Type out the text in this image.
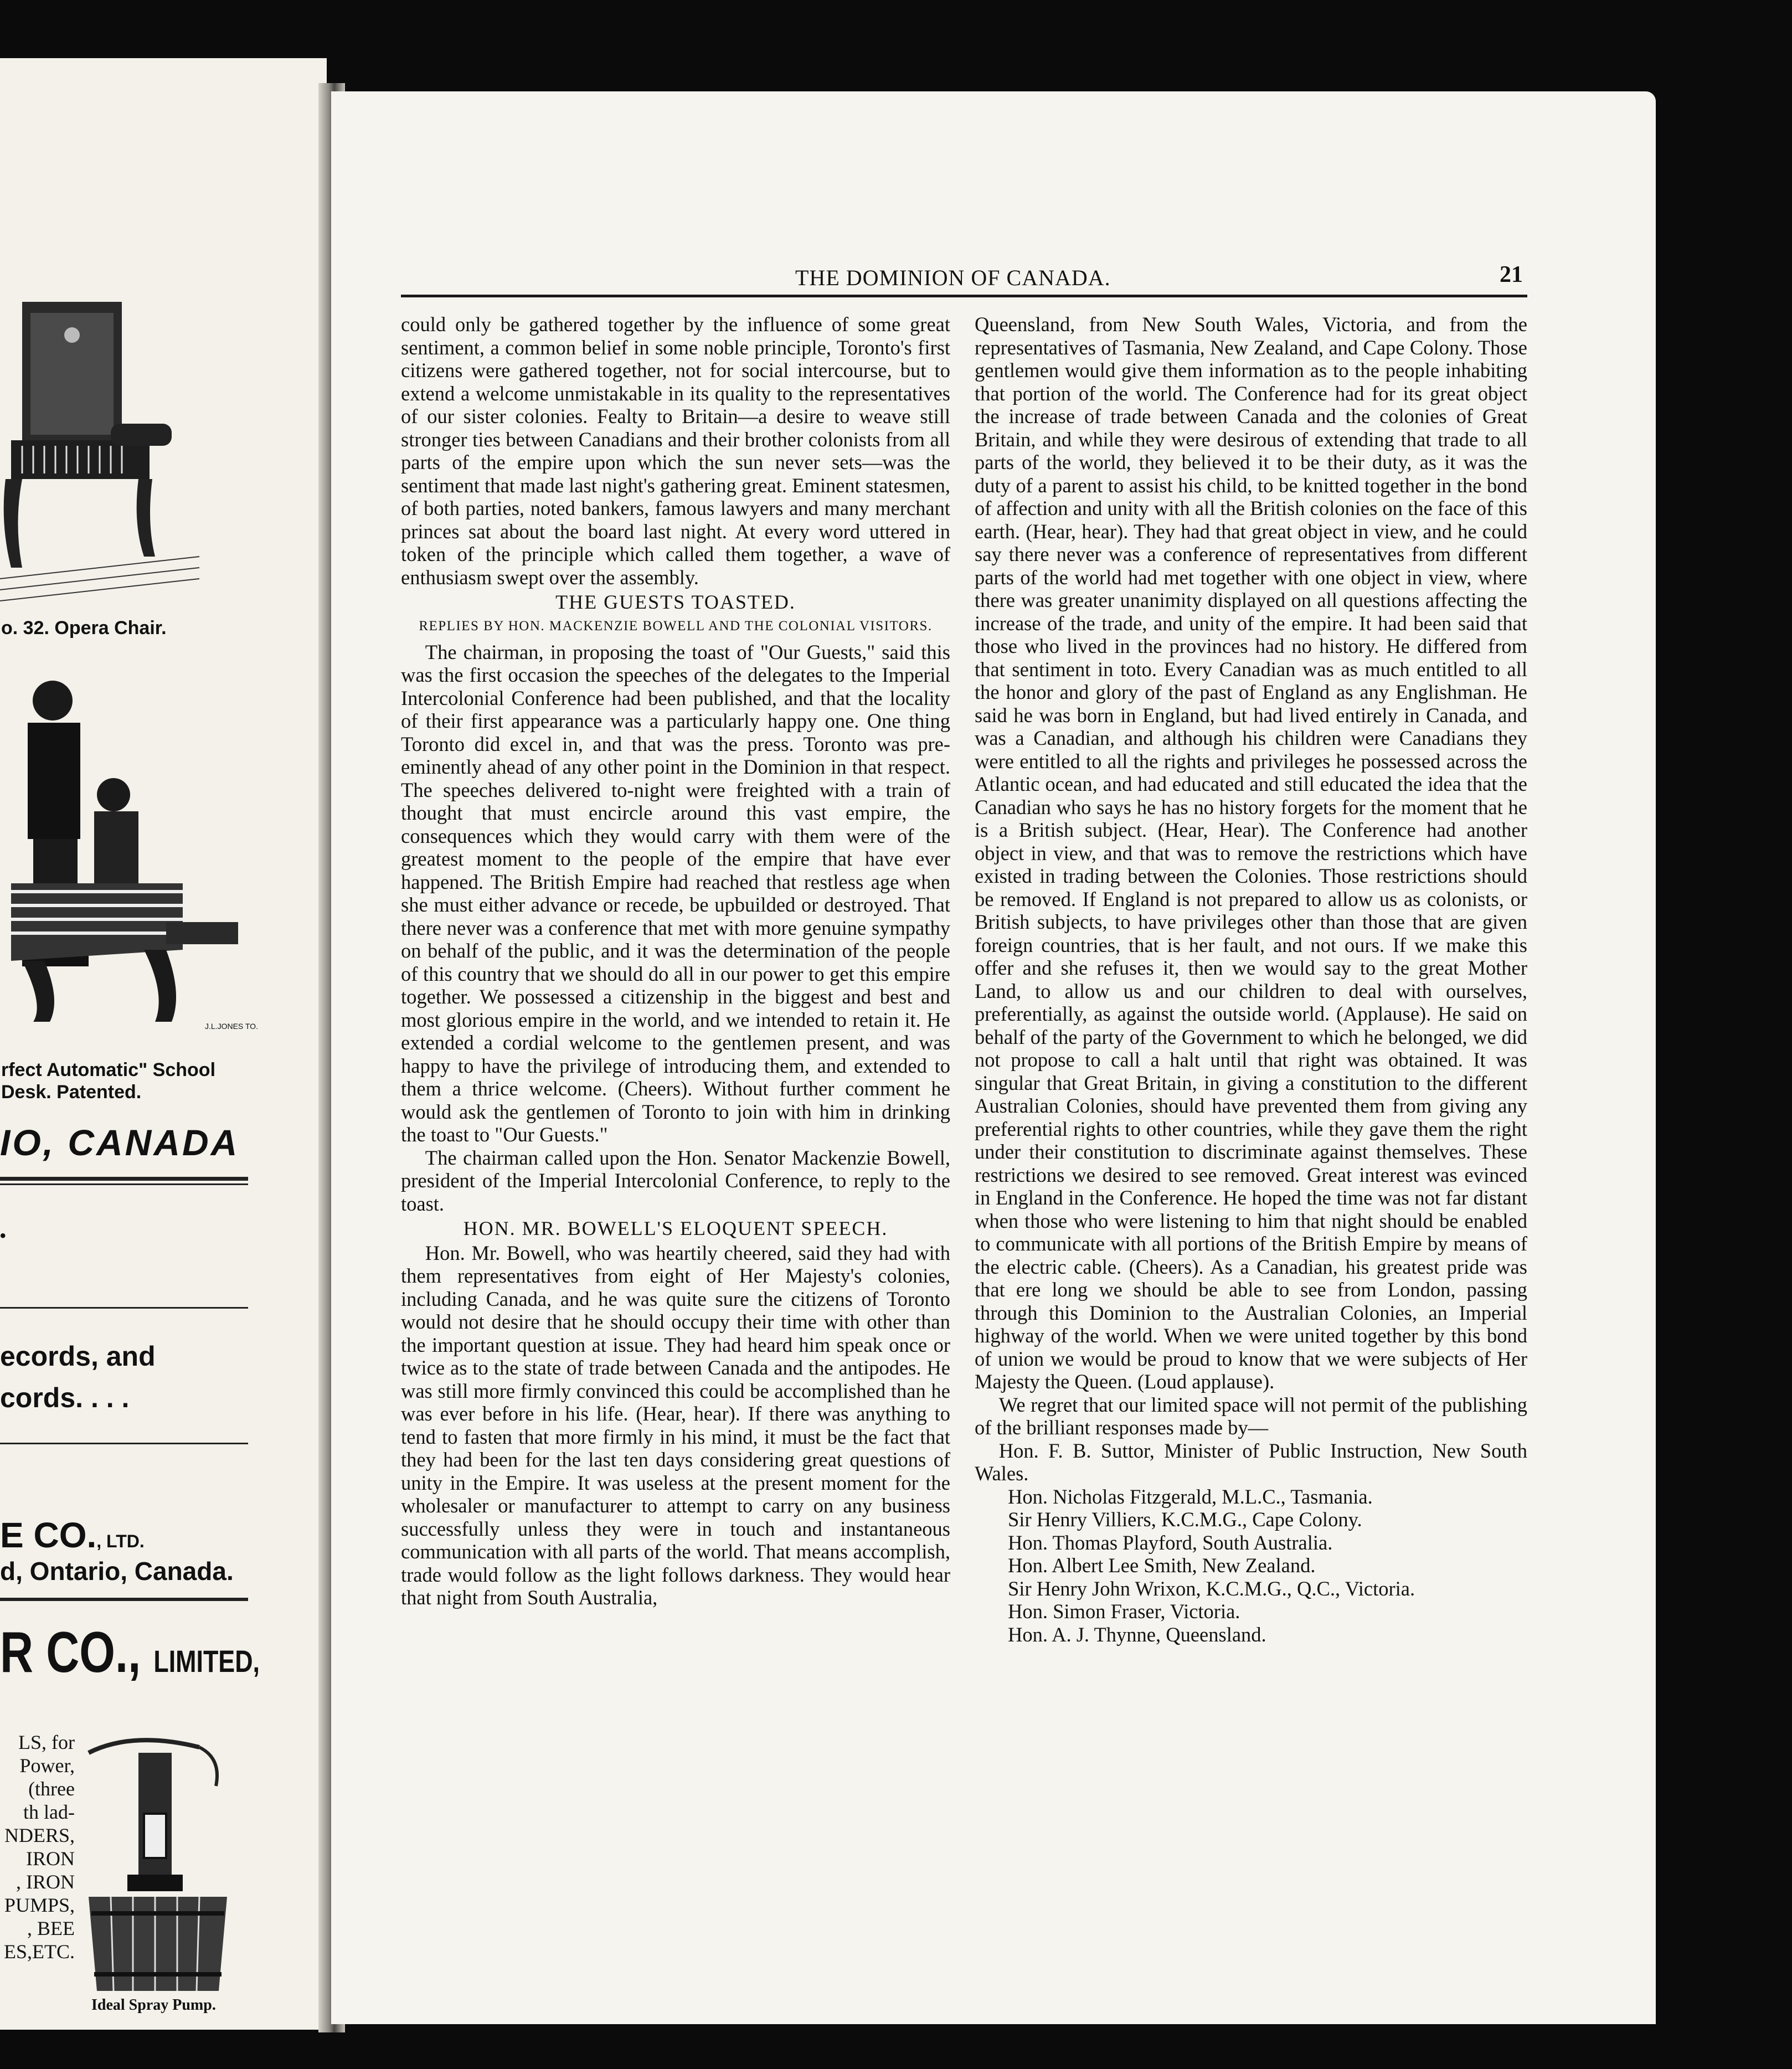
o. 32. Opera Chair.
J.L.JONES TO.
rfect Automatic" School
Desk. Patented.
IO, CANADA
•
ecords, and
cords. . . .
E CO., LTD.
d, Ontario, Canada.
R CO., LIMITED,
LS, for
Power,
(three
th lad-
NDERS,
IRON
, IRON
PUMPS,
, BEE
ES,ETC.
Ideal Spray Pump.
THE DOMINION OF CANADA.	21

could only be gathered together by the influence of some great sentiment, a common belief in some noble principle, Toronto's first citizens were gathered together, not for social intercourse, but to extend a welcome unmistakable in its quality to the representatives of our sister colonies. Fealty to Britain—a desire to weave still stronger ties between Canadians and their brother colonists from all parts of the empire upon which the sun never sets—was the sentiment that made last night's gathering great. Eminent statesmen, of both parties, noted bankers, famous lawyers and many merchant princes sat about the board last night. At every word uttered in token of the principle which called them together, a wave of enthusiasm swept over the assembly.

THE GUESTS TOASTED.

REPLIES BY HON. MACKENZIE BOWELL AND THE COLONIAL VISITORS.

The chairman, in proposing the toast of "Our Guests," said this was the first occasion the speeches of the delegates to the Imperial Intercolonial Conference had been published, and that the locality of their first appearance was a particularly happy one. One thing Toronto did excel in, and that was the press. Toronto was pre-eminently ahead of any other point in the Dominion in that respect. The speeches delivered to-night were freighted with a train of thought that must encircle around this vast empire, the consequences which they would carry with them were of the greatest moment to the people of the empire that have ever happened. The British Empire had reached that restless age when she must either advance or recede, be upbuilded or destroyed. That there never was a conference that met with more genuine sympathy on behalf of the public, and it was the determination of the people of this country that we should do all in our power to get this empire together. We possessed a citizenship in the biggest and best and most glorious empire in the world, and we intended to retain it. He extended a cordial welcome to the gentlemen present, and was happy to have the privilege of introducing them, and extended to them a thrice welcome. (Cheers). Without further comment he would ask the gentlemen of Toronto to join with him in drinking the toast to "Our Guests."

The chairman called upon the Hon. Senator Mackenzie Bowell, president of the Imperial Intercolonial Conference, to reply to the toast.

HON. MR. BOWELL'S ELOQUENT SPEECH.

Hon. Mr. Bowell, who was heartily cheered, said they had with them representatives from eight of Her Majesty's colonies, including Canada, and he was quite sure the citizens of Toronto would not desire that he should occupy their time with other than the important question at issue. They had heard him speak once or twice as to the state of trade between Canada and the antipodes. He was still more firmly convinced this could be accomplished than he was ever before in his life. (Hear, hear). If there was anything to tend to fasten that more firmly in his mind, it must be the fact that they had been for the last ten days considering great questions of unity in the Empire. It was useless at the present moment for the wholesaler or manufacturer to attempt to carry on any business successfully unless they were in touch and instantaneous communication with all parts of the world. That means accomplish, trade would follow as the light follows darkness. They would hear that night from South Australia,

Queensland, from New South Wales, Victoria, and from the representatives of Tasmania, New Zealand, and Cape Colony. Those gentlemen would give them information as to the people inhabiting that portion of the world. The Conference had for its great object the increase of trade between Canada and the colonies of Great Britain, and while they were desirous of extending that trade to all parts of the world, they believed it to be their duty, as it was the duty of a parent to assist his child, to be knitted together in the bond of affection and unity with all the British colonies on the face of this earth. (Hear, hear). They had that great object in view, and he could say there never was a conference of representatives from different parts of the world had met together with one object in view, where there was greater unanimity displayed on all questions affecting the increase of the trade, and unity of the empire. It had been said that those who lived in the provinces had no history. He differed from that sentiment in toto. Every Canadian was as much entitled to all the honor and glory of the past of England as any Englishman. He said he was born in England, but had lived entirely in Canada, and was a Canadian, and although his children were Canadians they were entitled to all the rights and privileges he possessed across the Atlantic ocean, and had educated and still educated the idea that the Canadian who says he has no history forgets for the moment that he is a British subject. (Hear, Hear). The Conference had another object in view, and that was to remove the restrictions which have existed in trading between the Colonies. Those restrictions should be removed. If England is not prepared to allow us as colonists, or British subjects, to have privileges other than those that are given foreign countries, that is her fault, and not ours. If we make this offer and she refuses it, then we would say to the great Mother Land, to allow us and our children to deal with ourselves, preferentially, as against the outside world. (Applause). He said on behalf of the party of the Government to which he belonged, we did not propose to call a halt until that right was obtained. It was singular that Great Britain, in giving a constitution to the different Australian Colonies, should have prevented them from giving any preferential rights to other countries, while they gave them the right under their constitution to discriminate against themselves. These restrictions we desired to see removed. Great interest was evinced in England in the Conference. He hoped the time was not far distant when those who were listening to him that night should be enabled to communicate with all portions of the British Empire by means of the electric cable. (Cheers). As a Canadian, his greatest pride was that ere long we should be able to see from London, passing through this Dominion to the Australian Colonies, an Imperial highway of the world. When we were united together by this bond of union we would be proud to know that we were subjects of Her Majesty the Queen. (Loud applause).

We regret that our limited space will not permit of the publishing of the brilliant responses made by—

Hon. F. B. Suttor, Minister of Public Instruction, New South Wales.

Hon. Nicholas Fitzgerald, M.L.C., Tasmania.
Sir Henry Villiers, K.C.M.G., Cape Colony.
Hon. Thomas Playford, South Australia.
Hon. Albert Lee Smith, New Zealand.
Sir Henry John Wrixon, K.C.M.G., Q.C., Victoria.
Hon. Simon Fraser, Victoria.
Hon. A. J. Thynne, Queensland.
